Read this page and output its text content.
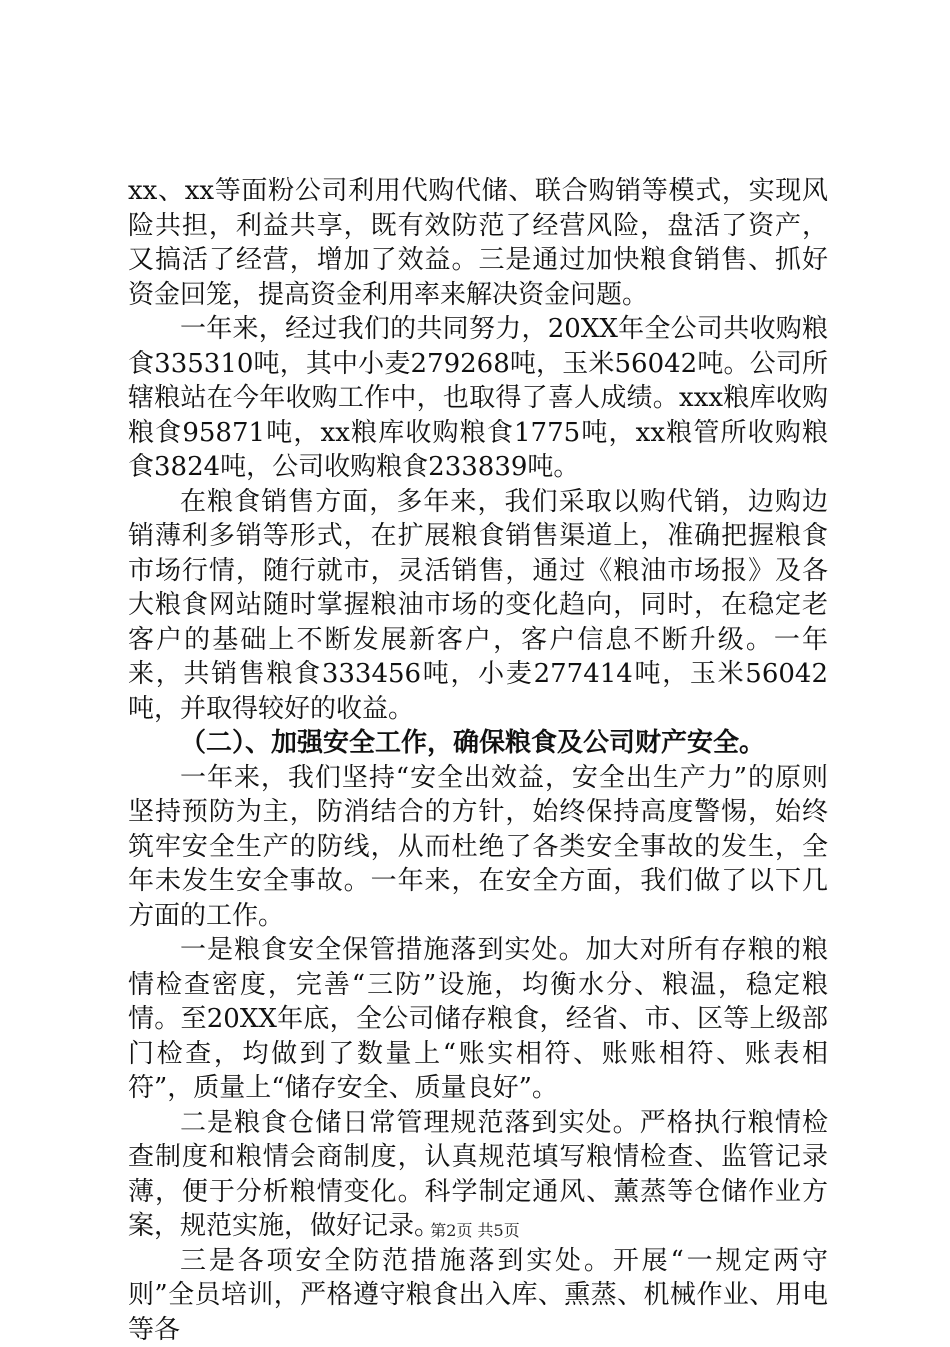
xx、xx等面粉公司利用代购代储、联合购销等模式，实现风险共担，利益共享，既有效防范了经营风险，盘活了资产，又搞活了经营，增加了效益。三是通过加快粮食销售、抓好资金回笼，提高资金利用率来解决资金问题。

一年来，经过我们的共同努力，20XX年全公司共收购粮食335310吨，其中小麦279268吨，玉米56042吨。公司所辖粮站在今年收购工作中，也取得了喜人成绩。xxx粮库收购粮食95871吨，xx粮库收购粮食1775吨，xx粮管所收购粮食3824吨，公司收购粮食233839吨。

在粮食销售方面，多年来，我们采取以购代销，边购边销薄利多销等形式，在扩展粮食销售渠道上，准确把握粮食市场行情，随行就市，灵活销售，通过《粮油市场报》及各大粮食网站随时掌握粮油市场的变化趋向，同时，在稳定老客户的基础上不断发展新客户，客户信息不断升级。一年来，共销售粮食333456吨，小麦277414吨，玉米56042吨，并取得较好的收益。

（二）、加强安全工作，确保粮食及公司财产安全。

一年来，我们坚持“安全出效益，安全出生产力”的原则坚持预防为主，防消结合的方针，始终保持高度警惕，始终筑牢安全生产的防线，从而杜绝了各类安全事故的发生，全年未发生安全事故。一年来，在安全方面，我们做了以下几方面的工作。

一是粮食安全保管措施落到实处。加大对所有存粮的粮情检查密度，完善“三防”设施，均衡水分、粮温，稳定粮情。至20XX年底，全公司储存粮食，经省、市、区等上级部门检查，均做到了数量上“账实相符、账账相符、账表相符”，质量上“储存安全、质量良好”。

二是粮食仓储日常管理规范落到实处。严格执行粮情检查制度和粮情会商制度，认真规范填写粮情检查、监管记录薄，便于分析粮情变化。科学制定通风、薰蒸等仓储作业方案，规范实施，做好记录。

三是各项安全防范措施落到实处。开展“一规定两守则”全员培训，严格遵守粮食出入库、熏蒸、机械作业、用电等各

第2页 共5页
